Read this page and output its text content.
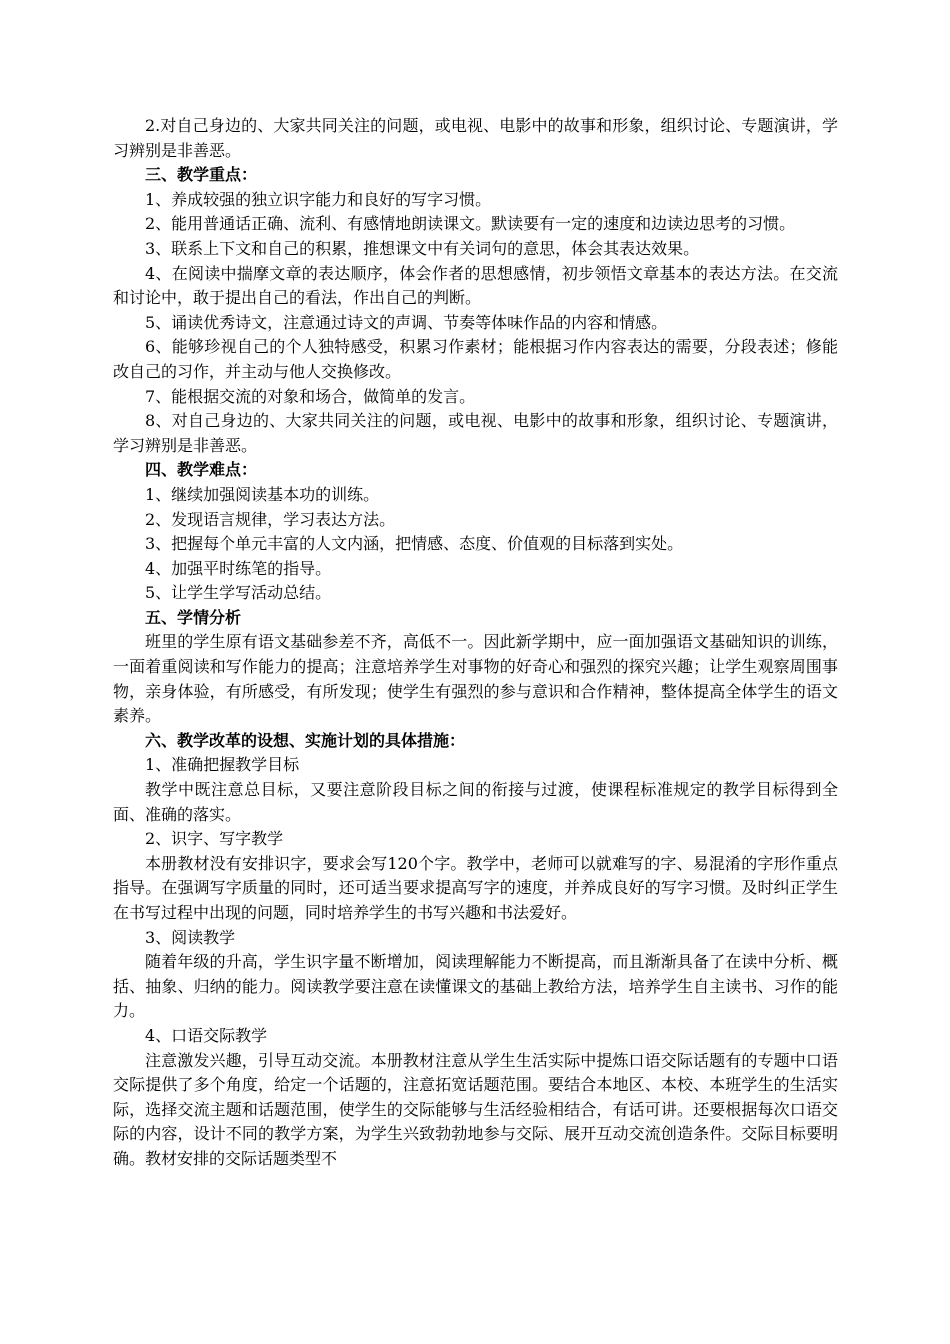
2.对自己身边的、大家共同关注的问题，或电视、电影中的故事和形象，组织讨论、专题演讲，学习辨别是非善恶。

三、教学重点：

1、养成较强的独立识字能力和良好的写字习惯。

2、能用普通话正确、流利、有感情地朗读课文。默读要有一定的速度和边读边思考的习惯。

3、联系上下文和自己的积累，推想课文中有关词句的意思，体会其表达效果。

4、在阅读中揣摩文章的表达顺序，体会作者的思想感情，初步领悟文章基本的表达方法。在交流和讨论中，敢于提出自己的看法，作出自己的判断。

5、诵读优秀诗文，注意通过诗文的声调、节奏等体味作品的内容和情感。

6、能够珍视自己的个人独特感受，积累习作素材；能根据习作内容表达的需要，分段表述；修能改自己的习作，并主动与他人交换修改。

7、能根据交流的对象和场合，做简单的发言。

8、对自己身边的、大家共同关注的问题，或电视、电影中的故事和形象，组织讨论、专题演讲，学习辨别是非善恶。

四、教学难点：

1、继续加强阅读基本功的训练。

2、发现语言规律，学习表达方法。

3、把握每个单元丰富的人文内涵，把情感、态度、价值观的目标落到实处。

4、加强平时练笔的指导。

5、让学生学写活动总结。

五、学情分析

班里的学生原有语文基础参差不齐，高低不一。因此新学期中，应一面加强语文基础知识的训练，一面着重阅读和写作能力的提高；注意培养学生对事物的好奇心和强烈的探究兴趣；让学生观察周围事物，亲身体验，有所感受，有所发现；使学生有强烈的参与意识和合作精神，整体提高全体学生的语文素养。

六、教学改革的设想、实施计划的具体措施：

1、准确把握教学目标

教学中既注意总目标，又要注意阶段目标之间的衔接与过渡，使课程标准规定的教学目标得到全面、准确的落实。

2、识字、写字教学

本册教材没有安排识字，要求会写120个字。教学中，老师可以就难写的字、易混淆的字形作重点指导。在强调写字质量的同时，还可适当要求提高写字的速度，并养成良好的写字习惯。及时纠正学生在书写过程中出现的问题，同时培养学生的书写兴趣和书法爱好。

3、阅读教学

随着年级的升高，学生识字量不断增加，阅读理解能力不断提高，而且渐渐具备了在读中分析、概括、抽象、归纳的能力。阅读教学要注意在读懂课文的基础上教给方法，培养学生自主读书、习作的能力。

4、口语交际教学

注意激发兴趣，引导互动交流。本册教材注意从学生生活实际中提炼口语交际话题有的专题中口语交际提供了多个角度，给定一个话题的，注意拓宽话题范围。要结合本地区、本校、本班学生的生活实际，选择交流主题和话题范围，使学生的交际能够与生活经验相结合，有话可讲。还要根据每次口语交际的内容，设计不同的教学方案，为学生兴致勃勃地参与交际、展开互动交流创造条件。交际目标要明确。教材安排的交际话题类型不
